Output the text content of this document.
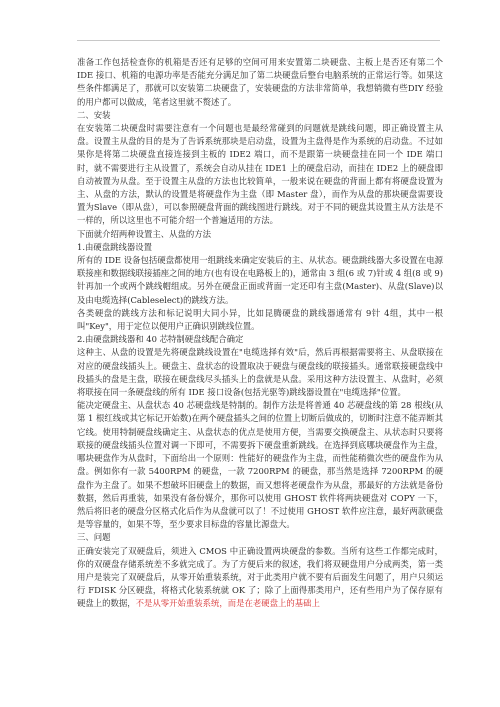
准备工作包括检查你的机箱是否还有足够的空间可用来安置第二块硬盘、主板上是否还有第二个 IDE 接口、机箱的电源功率是否能充分满足加了第二块硬盘后整台电脑系统的正常运行等。如果这些条件都满足了，那就可以安装第二块硬盘了，安装硬盘的方法非常简单，我想销微有些DIY 经验的用户都可以做成，笔者这里就不赘述了。

二、安装

在安装第二块硬盘时需要注意有一个问题也是最经常碰到的问题就是跳线问题，即正确设置主从盘。设置主从盘的目的是为了告诉系统那块是启动盘，设置为主盘得是作为系统的启动盘。不过如果你是将第二块硬盘直接连接到主板的 IDE2 端口，而不是跟第一块硬盘挂在同一个 IDE 端口时，就不需要进行主从设置了，系统会自动从挂在 IDE1 上的硬盘启动，而挂在 IDE2 上的硬盘即自动被置为从盘。至于设置主从盘的方法也比较简单，一般来说在硬盘的背面上都有将硬盘设置为主、从盘的方法，默认的设置是将硬盘作为主盘（即 Master 盘），而作为从盘的那块硬盘需要设置为Slave（即从盘），可以参照硬盘背面的跳线图进行跳线。对于不同的硬盘其设置主从方法是不一样的，所以这里也不可能介绍一个普遍适用的方法。

下面就介绍两种设置主、从盘的方法

1.由硬盘跳线器设置

所有的 IDE 设备包括硬盘都使用一组跳线来确定安装后的主、从状态。硬盘跳线器大多设置在电源联接座和数据线联接插座之间的地方(也有设在电路板上的)，通常由 3 组(6 或 7)针或 4 组(8 或 9)针再加一个或两个跳线帽组成。另外在硬盘正面或背面一定还印有主盘(Master)、从盘(Slave)以及由电缆选择(Cableselect)的跳线方法。

各类硬盘的跳线方法和标记说明大同小异，比如昆腾硬盘的跳线器通常有 9针 4组，其中一根叫"Key"，用于定位以便用户正确识别跳线位置。

2.由硬盘跳线器和 40 芯特制硬盘线配合确定

这种主、从盘的设置是先将硬盘跳线设置在"电缆选择有效"后，然后再根据需要将主、从盘联接在对应的硬盘线插头上。硬盘主、盘状态的设置取决于硬盘与硬盘线的联接插头。通常联接硬盘线中段插头的盘是主盘，联接在硬盘线尽头插头上的盘就是从盘。采用这种方法设置主、从盘时，必须将联接在同一条硬盘线的所有 IDE 接口设备(包括光驱等)跳线器设置在"电缆选择"位置。

能决定硬盘主、从盘状态 40 芯硬盘线是特制的。制作方法是将普通 40 芯硬盘线的第 28 根线(从第 1 根红线或其它标记开始数)在两个硬盘插头之间的位置上切断后做成的，切断时注意不能弄断其它线。使用特制硬盘线确定主、从盘状态的优点是使用方便，当需要交换硬盘主、从状态时只要将联接的硬盘线插头位置对调一下即可，不需要拆下硬盘重新跳线。在选择到底哪块硬盘作为主盘，哪块硬盘作为从盘时，下面给出一个原则：性能好的硬盘作为主盘，而性能稍微次些的硬盘作为从盘。例如你有一款 5400RPM 的硬盘，一款 7200RPM 的硬盘，那当然是选择 7200RPM 的硬盘作为主盘了。如果不想破坏旧硬盘上的数据，而又想将老硬盘作为从盘，那最好的方法就是备份数据，然后再重装，如果没有备份媒介，那你可以使用 GHOST 软件将两块硬盘对 COPY 一下，然后将旧老的硬盘分区格式化后作为从盘就可以了！不过使用 GHOST 软件应注意，最好两款硬盘是等容量的，如果不等，至少要求目标盘的容量比源盘大。

三、问题

正确安装完了双硬盘后，须进入 CMOS 中正确设置两块硬盘的参数。当所有这些工作都完成时，你的双硬盘存储系统差不多就完成了。为了方便后来的叙述，我们将双硬盘用户分成两类，第一类用户是装完了双硬盘后，从零开始重装系统，对于此类用户就不要有后面发生问题了，用户只须运行 FDISK 分区硬盘，将格式化装系统就 OK 了；除了上面得那类用户，还有些用户为了保存原有硬盘上的数据，不是从零开始重装系统，而是在老硬盘上的基础上
